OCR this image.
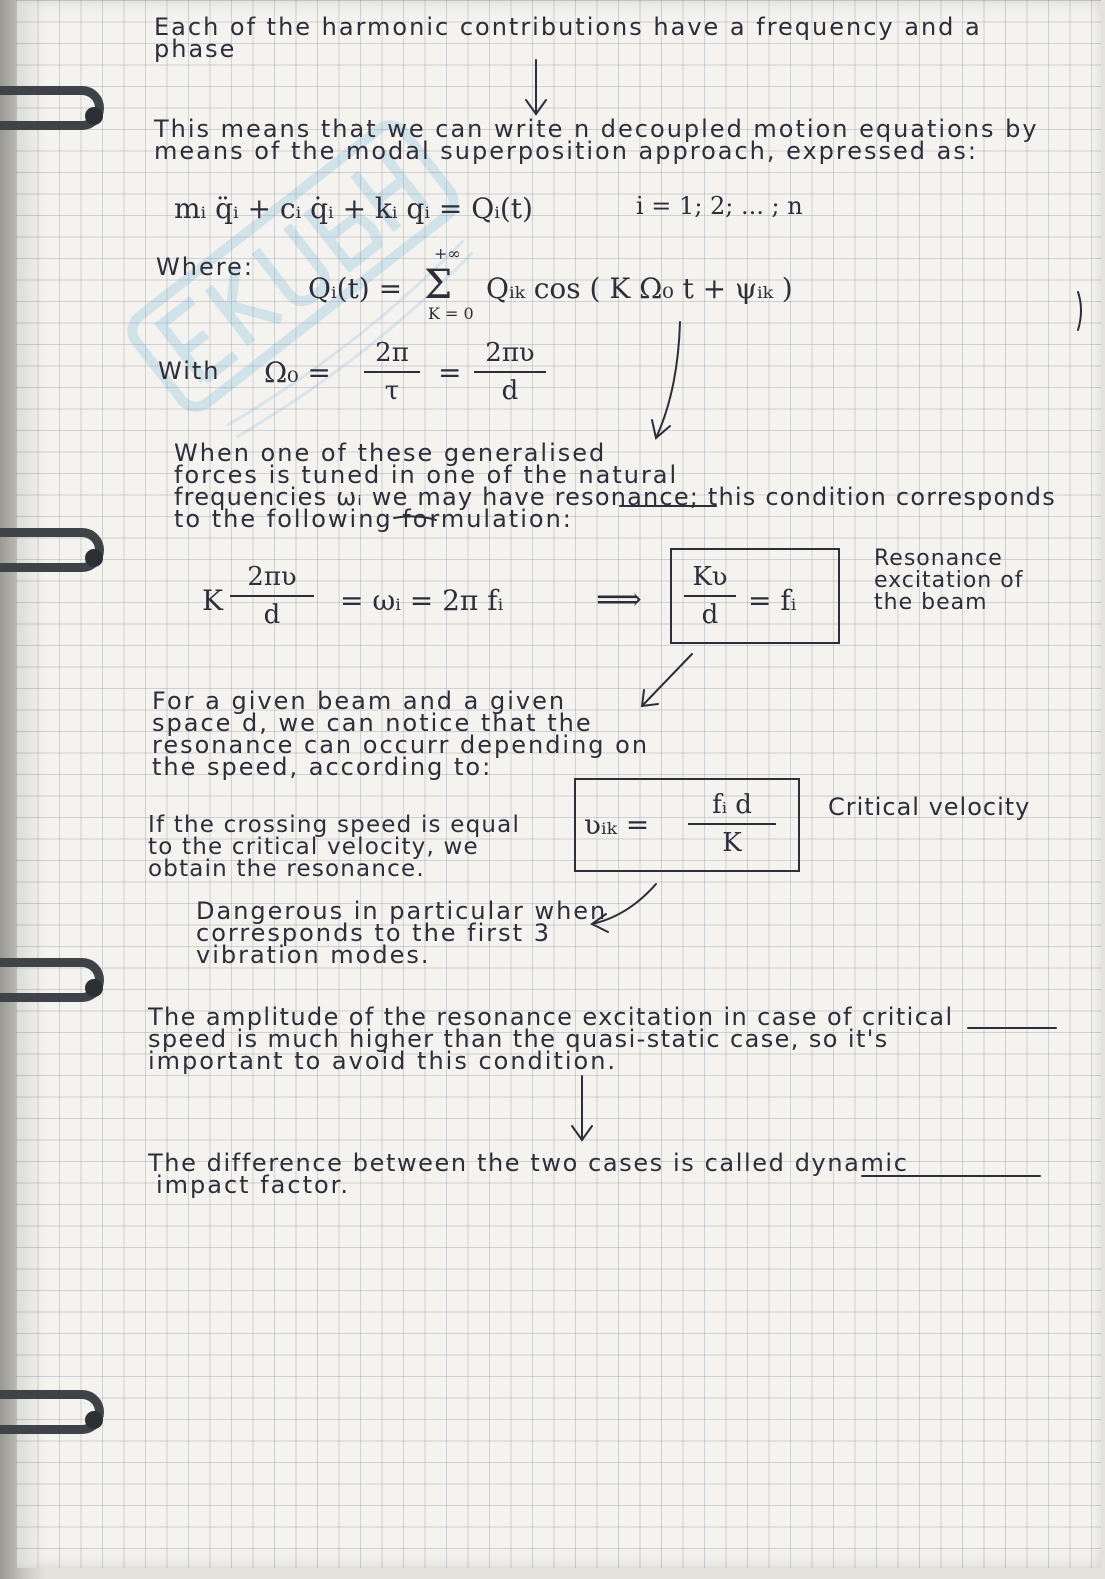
Each of the harmonic contributions have a frequency and a
phase
This means that we can write n decoupled motion equations by
means of the modal superposition approach, expressed as:
mᵢ q̈ᵢ + cᵢ q̇ᵢ + kᵢ qᵢ = Qᵢ(t)	i = 1; 2; ... ; n
Where:
Qᵢ(t) =
+∞
Σ
K = 0
Qᵢₖ cos ( K Ω₀ t + ψᵢₖ )
With Ω₀ =
2π
τ
=
2πʋ
d
When one of these generalised
forces is tuned in one of the natural
frequencies ωᵢ we may have resonance; this condition corresponds
to the following formulation:
K
2πʋ
d	= ωᵢ = 2π fᵢ	⟹
Kʋ
d	= fᵢ
Resonance
excitation of
the beam
For a given beam and a given
space d, we can notice that the
resonance can occurr depending on
the speed, according to:
If the crossing speed is equal
to the critical velocity, we
obtain the resonance.
ʋᵢₖ =
fᵢ d
K
Critical velocity
Dangerous in particular when
corresponds to the first 3
vibration modes.
The amplitude of the resonance excitation in case of critical
speed is much higher than the quasi-static case, so it's
important to avoid this condition.
The difference between the two cases is called dynamic
impact factor.
